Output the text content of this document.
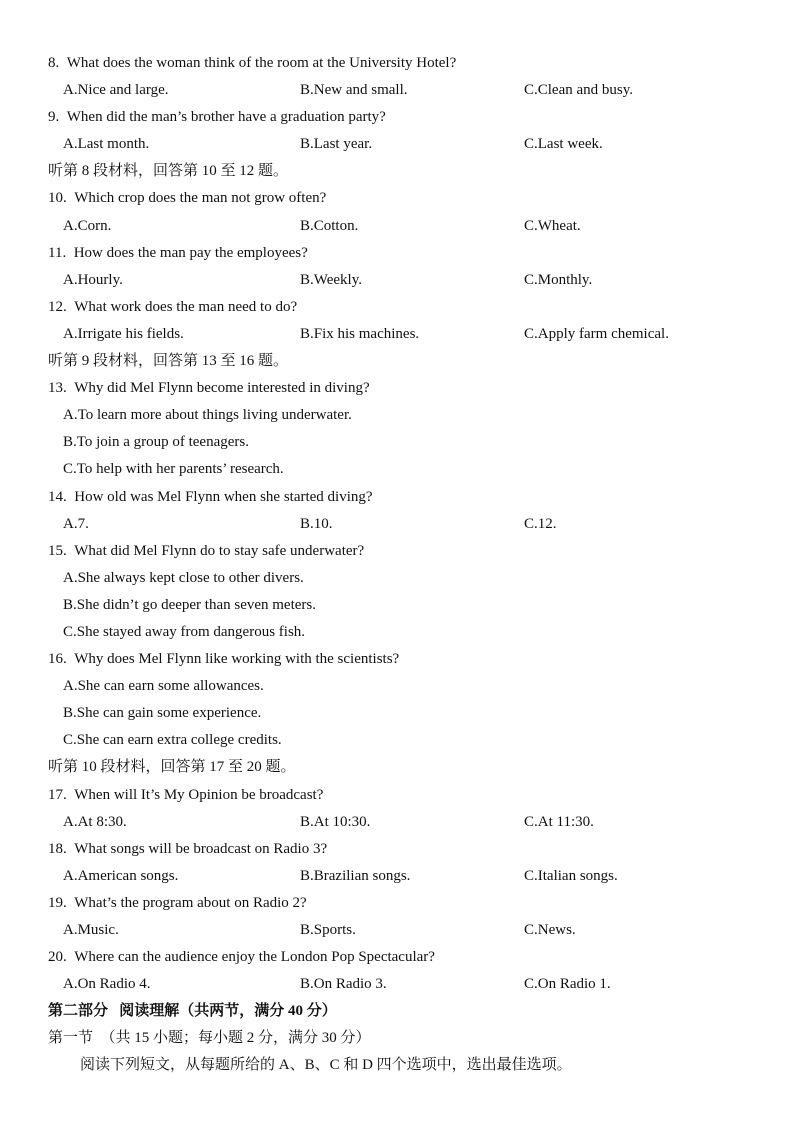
8.  What does the woman think of the room at the University Hotel?
A.Nice and large.	B.New and small.	C.Clean and busy.
9.  When did the man’s brother have a graduation party?
A.Last month.	B.Last year.	C.Last week.
听第 8 段材料，回答第 10 至 12 题。
10.  Which crop does the man not grow often?
A.Corn.	B.Cotton.	C.Wheat.
11.  How does the man pay the employees?
A.Hourly.	B.Weekly.	C.Monthly.
12.  What work does the man need to do?
A.Irrigate his fields.	B.Fix his machines.	C.Apply farm chemical.
听第 9 段材料，回答第 13 至 16 题。
13.  Why did Mel Flynn become interested in diving?
A.To learn more about things living underwater.
B.To join a group of teenagers.
C.To help with her parents’ research.
14.  How old was Mel Flynn when she started diving?
A.7.	B.10.	C.12.
15.  What did Mel Flynn do to stay safe underwater?
A.She always kept close to other divers.
B.She didn’t go deeper than seven meters.
C.She stayed away from dangerous fish.
16.  Why does Mel Flynn like working with the scientists?
A.She can earn some allowances.
B.She can gain some experience.
C.She can earn extra college credits.
听第 10 段材料，回答第 17 至 20 题。
17.  When will It’s My Opinion be broadcast?
A.At 8:30.	B.At 10:30.	C.At 11:30.
18.  What songs will be broadcast on Radio 3?
A.American songs.	B.Brazilian songs.	C.Italian songs.
19.  What’s the program about on Radio 2?
A.Music.	B.Sports.	C.News.
20.  Where can the audience enjoy the London Pop Spectacular?
A.On Radio 4.	B.On Radio 3.	C.On Radio 1.
第二部分   阅读理解（共两节，满分 40 分）
第一节  （共 15 小题；每小题 2 分，满分 30 分）
阅读下列短文，从每题所给的 A、B、C 和 D 四个选项中，选出最佳选项。
